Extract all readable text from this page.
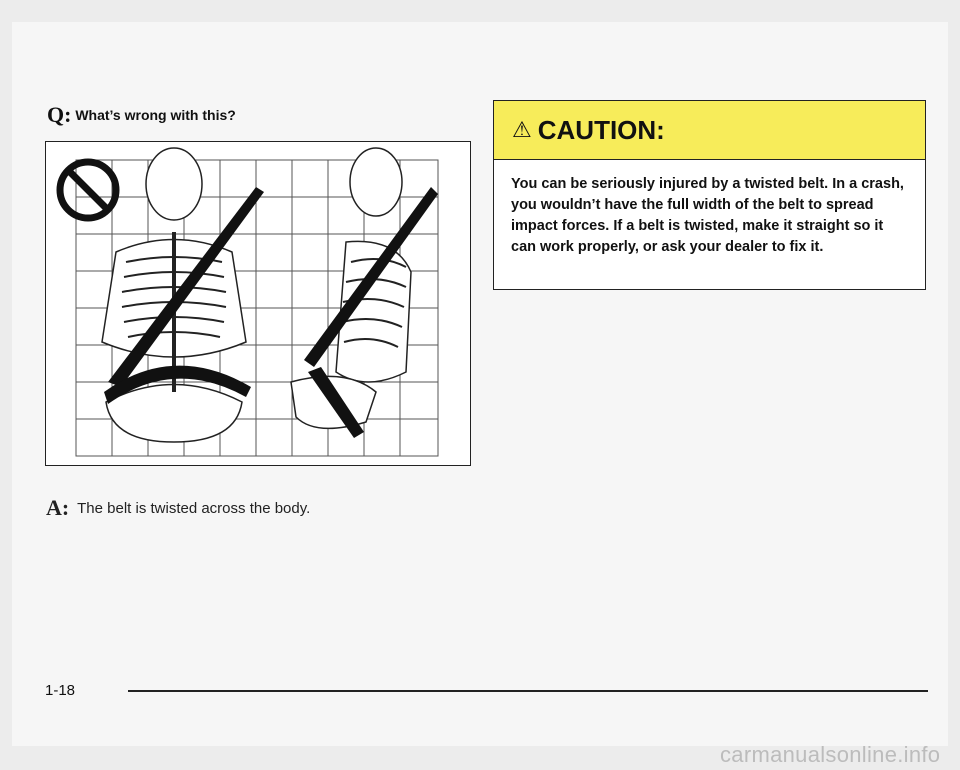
Q: What’s wrong with this?
A: The belt is twisted across the body.
⚠ CAUTION:
You can be seriously injured by a twisted belt. In a crash, you wouldn’t have the full width of the belt to spread impact forces. If a belt is twisted, make it straight so it can work properly, or ask your dealer to fix it.
1-18
carmanualsonline.info
